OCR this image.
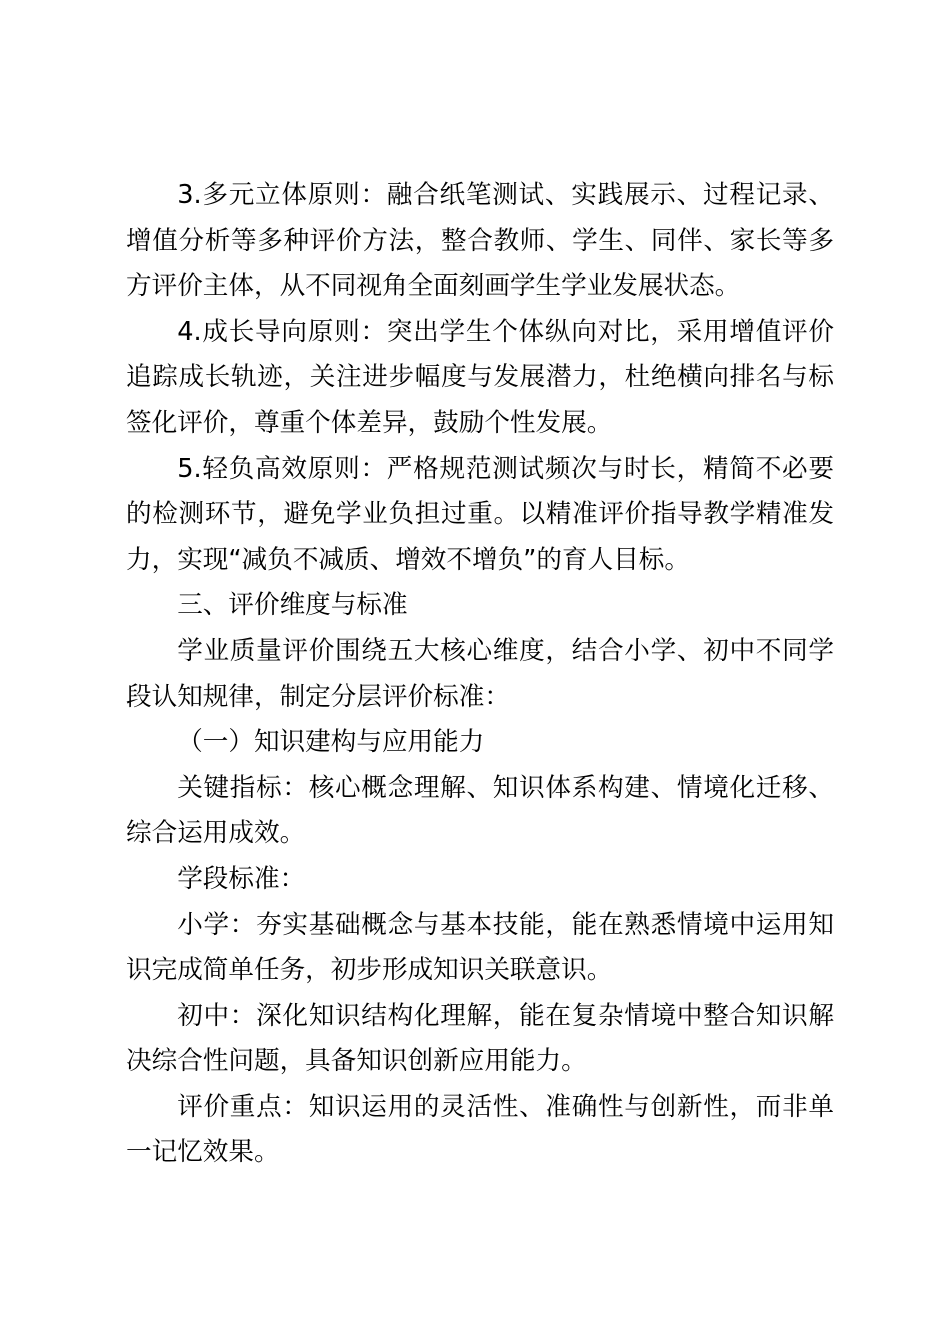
3.多元立体原则：融合纸笔测试、实践展示、过程记录、增值分析等多种评价方法，整合教师、学生、同伴、家长等多方评价主体，从不同视角全面刻画学生学业发展状态。

4.成长导向原则：突出学生个体纵向对比，采用增值评价追踪成长轨迹，关注进步幅度与发展潜力，杜绝横向排名与标签化评价，尊重个体差异，鼓励个性发展。

5.轻负高效原则：严格规范测试频次与时长，精简不必要的检测环节，避免学业负担过重。以精准评价指导教学精准发力，实现“减负不减质、增效不增负”的育人目标。

三、评价维度与标准

学业质量评价围绕五大核心维度，结合小学、初中不同学段认知规律，制定分层评价标准：

（一）知识建构与应用能力

关键指标：核心概念理解、知识体系构建、情境化迁移、综合运用成效。

学段标准：

小学：夯实基础概念与基本技能，能在熟悉情境中运用知识完成简单任务，初步形成知识关联意识。

初中：深化知识结构化理解，能在复杂情境中整合知识解决综合性问题，具备知识创新应用能力。

评价重点：知识运用的灵活性、准确性与创新性，而非单一记忆效果。
